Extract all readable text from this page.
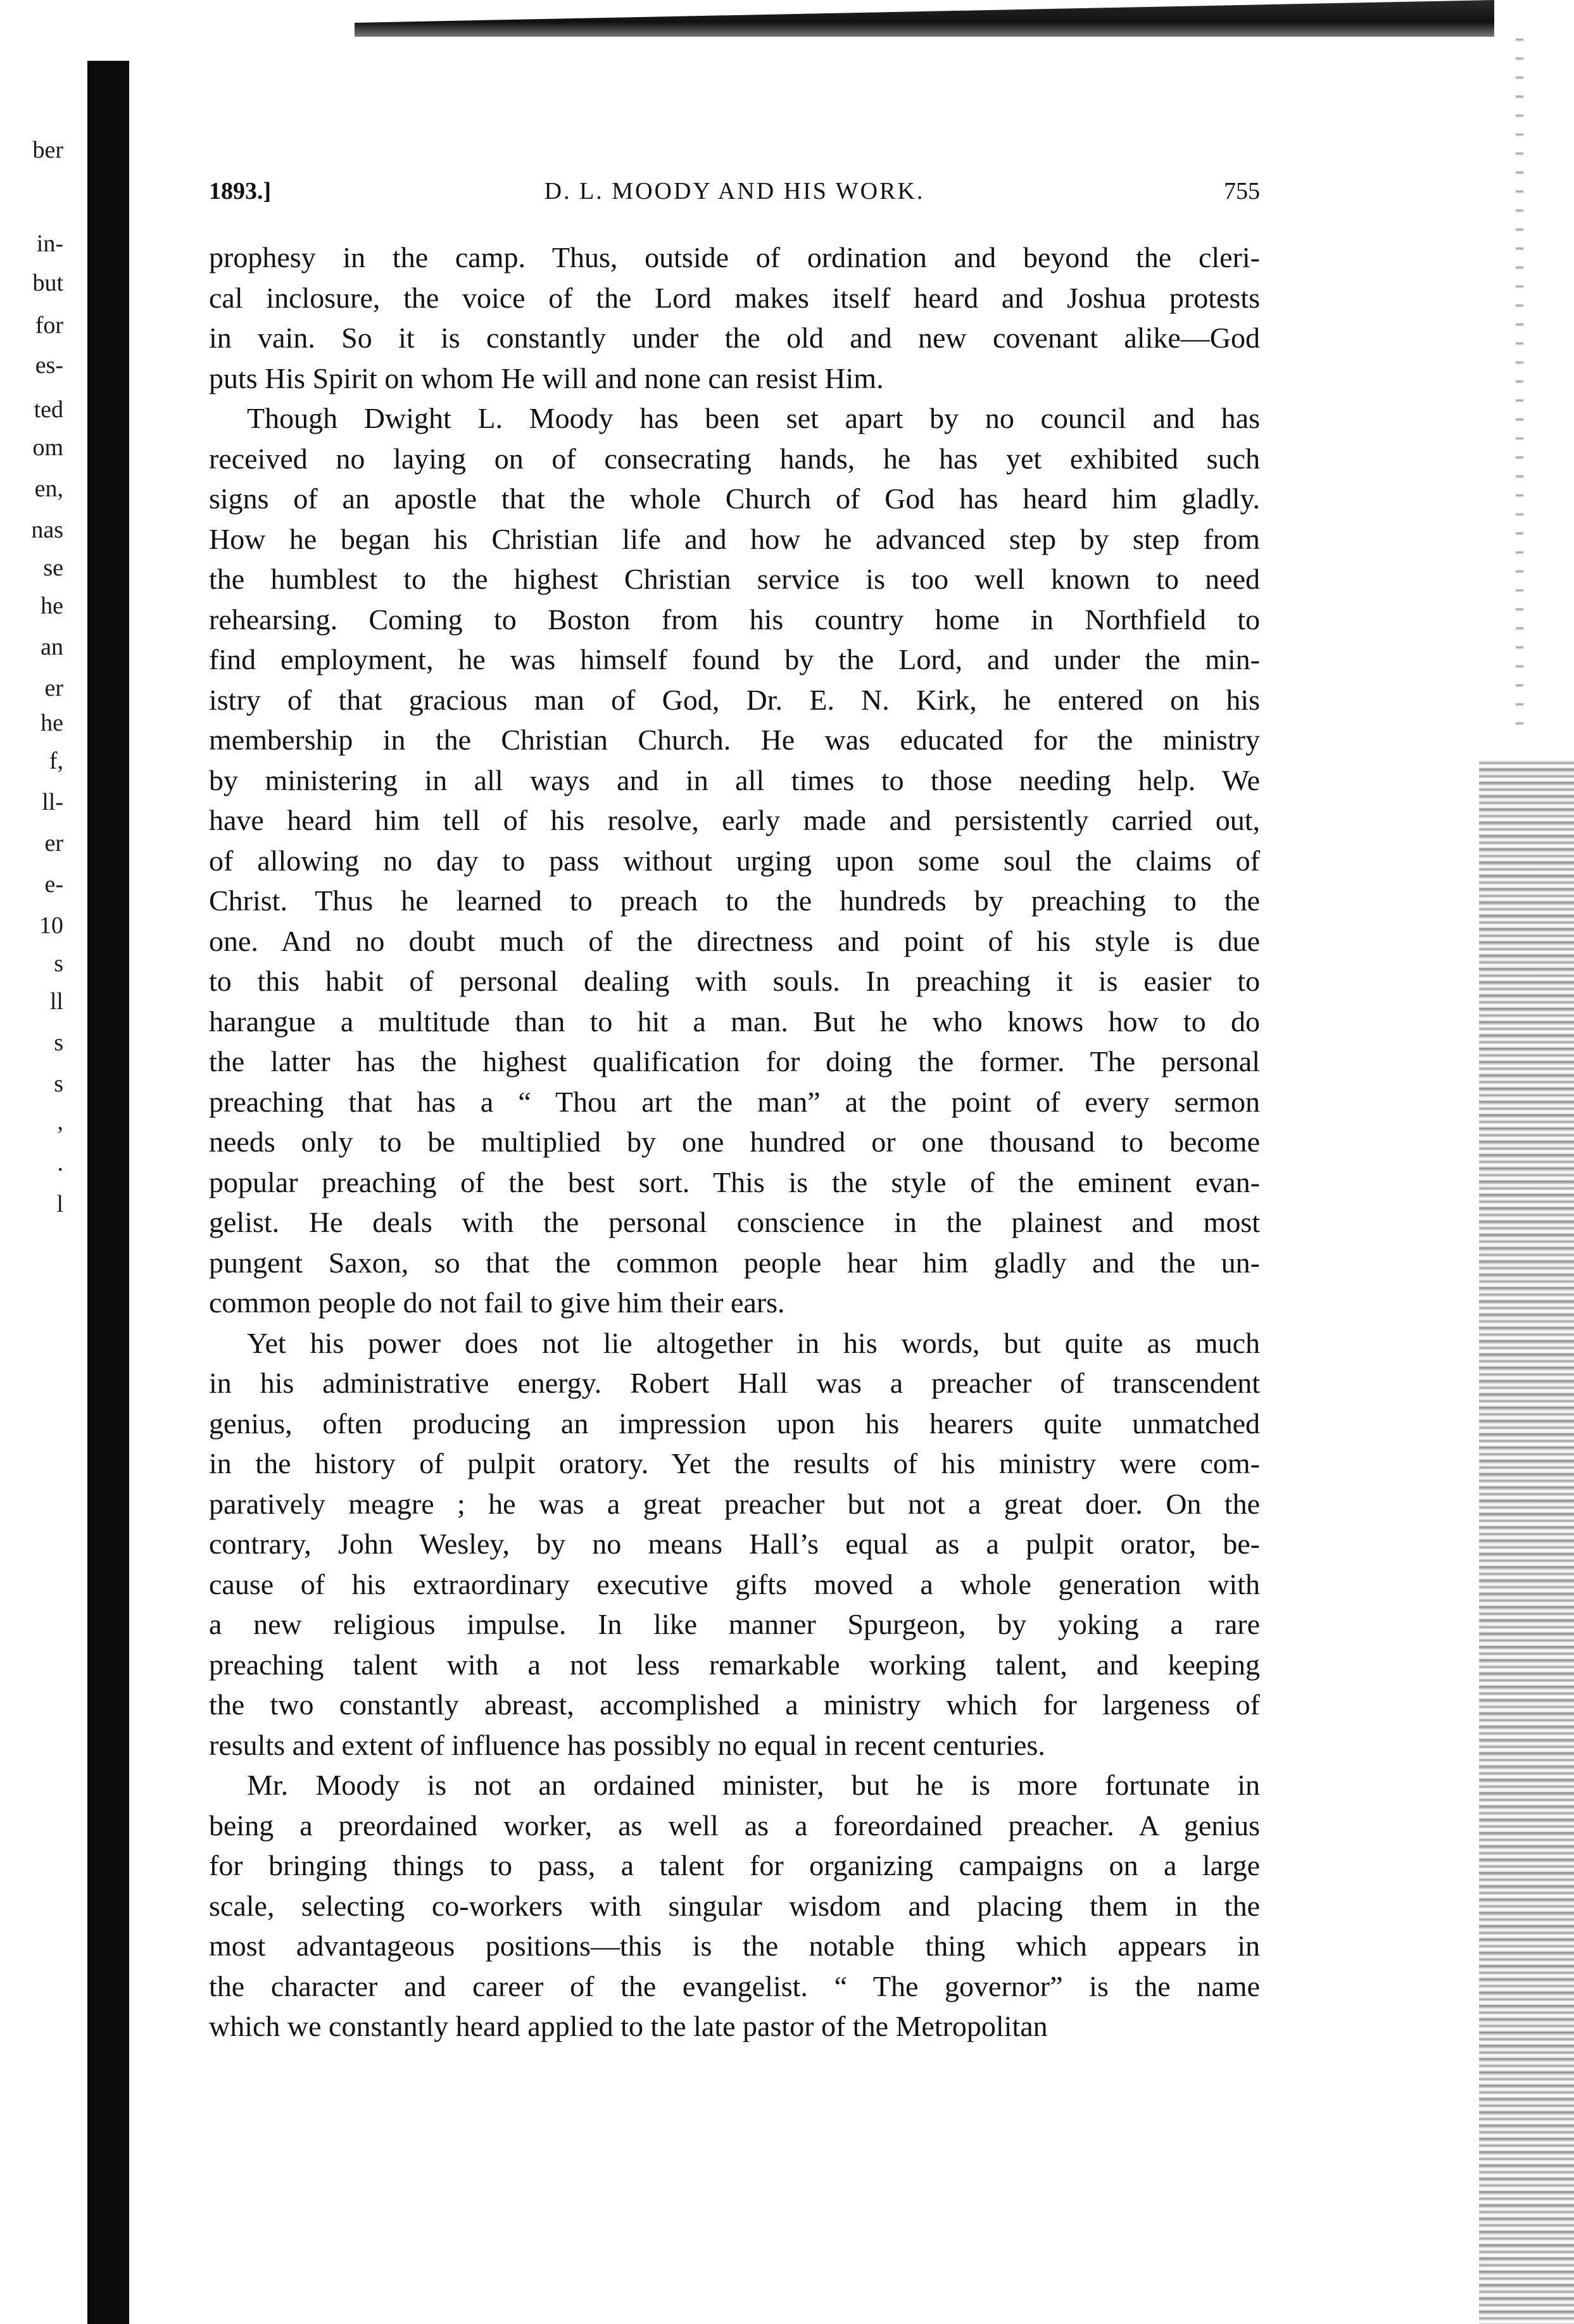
ber
in-
but
for
es-
ted
om
en,
nas
se
he
an
er
he
f,
ll-
er
e-
10
s
ll
s
s
,
.
l
1893.]	D. L. MOODY AND HIS WORK.	755
prophesy in the camp. Thus, outside of ordination and beyond the cleri-
cal inclosure, the voice of the Lord makes itself heard and Joshua protests
in vain. So it is constantly under the old and new covenant alike—God
puts His Spirit on whom He will and none can resist Him.
Though Dwight L. Moody has been set apart by no council and has
received no laying on of consecrating hands, he has yet exhibited such
signs of an apostle that the whole Church of God has heard him gladly.
How he began his Christian life and how he advanced step by step from
the humblest to the highest Christian service is too well known to need
rehearsing. Coming to Boston from his country home in Northfield to
find employment, he was himself found by the Lord, and under the min-
istry of that gracious man of God, Dr. E. N. Kirk, he entered on his
membership in the Christian Church. He was educated for the ministry
by ministering in all ways and in all times to those needing help. We
have heard him tell of his resolve, early made and persistently carried out,
of allowing no day to pass without urging upon some soul the claims of
Christ. Thus he learned to preach to the hundreds by preaching to the
one. And no doubt much of the directness and point of his style is due
to this habit of personal dealing with souls. In preaching it is easier to
harangue a multitude than to hit a man. But he who knows how to do
the latter has the highest qualification for doing the former. The personal
preaching that has a “ Thou art the man” at the point of every sermon
needs only to be multiplied by one hundred or one thousand to become
popular preaching of the best sort. This is the style of the eminent evan-
gelist. He deals with the personal conscience in the plainest and most
pungent Saxon, so that the common people hear him gladly and the un-
common people do not fail to give him their ears.
Yet his power does not lie altogether in his words, but quite as much
in his administrative energy. Robert Hall was a preacher of transcendent
genius, often producing an impression upon his hearers quite unmatched
in the history of pulpit oratory. Yet the results of his ministry were com-
paratively meagre ; he was a great preacher but not a great doer. On the
contrary, John Wesley, by no means Hall’s equal as a pulpit orator, be-
cause of his extraordinary executive gifts moved a whole generation with
a new religious impulse. In like manner Spurgeon, by yoking a rare
preaching talent with a not less remarkable working talent, and keeping
the two constantly abreast, accomplished a ministry which for largeness of
results and extent of influence has possibly no equal in recent centuries.
Mr. Moody is not an ordained minister, but he is more fortunate in
being a preordained worker, as well as a foreordained preacher. A genius
for bringing things to pass, a talent for organizing campaigns on a large
scale, selecting co-workers with singular wisdom and placing them in the
most advantageous positions—this is the notable thing which appears in
the character and career of the evangelist. “ The governor” is the name
which we constantly heard applied to the late pastor of the Metropolitan
